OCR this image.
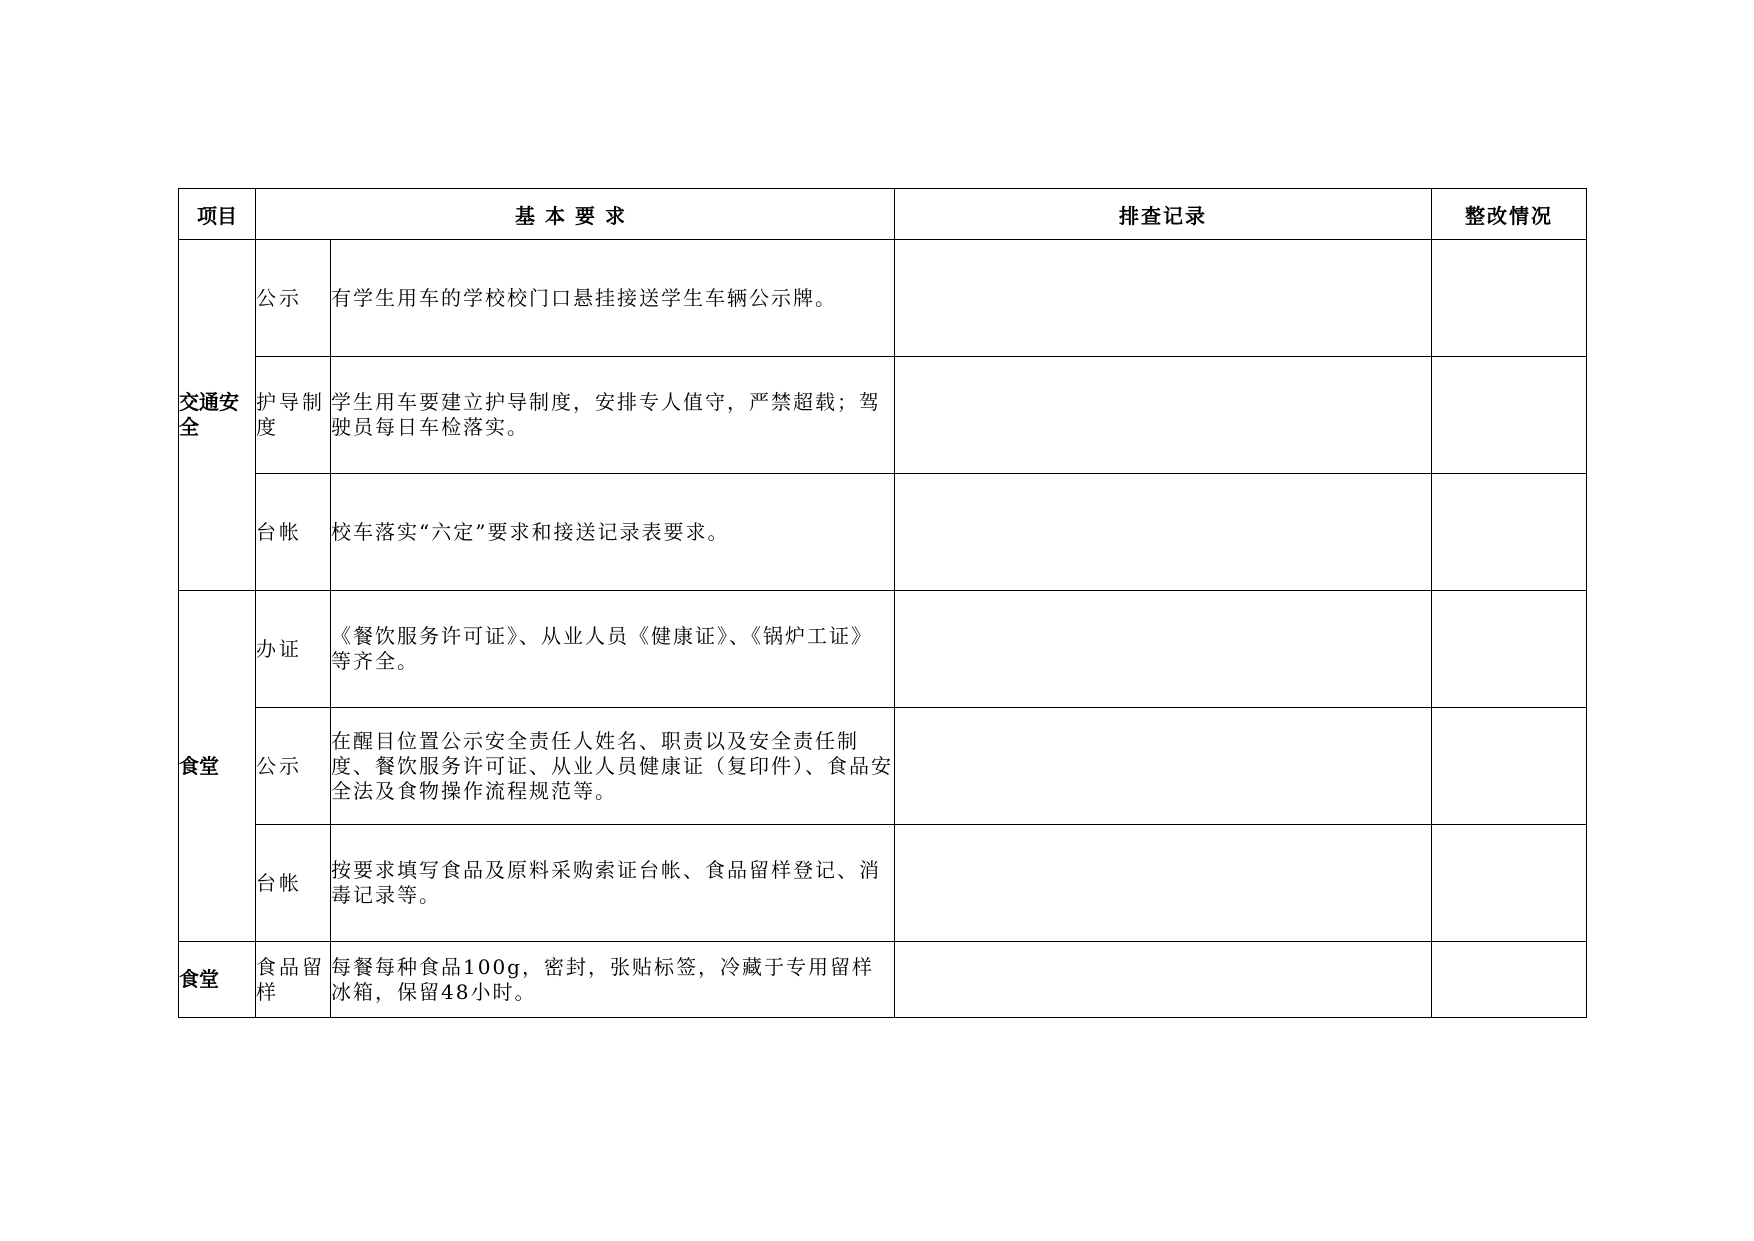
项目	基本要求		排查记录	整改情况
交通安全	公示	有学生用车的学校校门口悬挂接送学生车辆公示牌。		
	护导制度	学生用车要建立护导制度，安排专人值守，严禁超载；驾驶员每日车检落实。		
	台帐	校车落实“六定”要求和接送记录表要求。		
食堂	办证	《餐饮服务许可证》、从业人员《健康证》、《锅炉工证》等齐全。		
	公示	在醒目位置公示安全责任人姓名、职责以及安全责任制度、餐饮服务许可证、从业人员健康证（复印件）、食品安全法及食物操作流程规范等。		
	台帐	按要求填写食品及原料采购索证台帐、食品留样登记、消毒记录等。		
食堂	食品留样	每餐每种食品100g，密封，张贴标签，冷藏于专用留样冰箱，保留48小时。		
